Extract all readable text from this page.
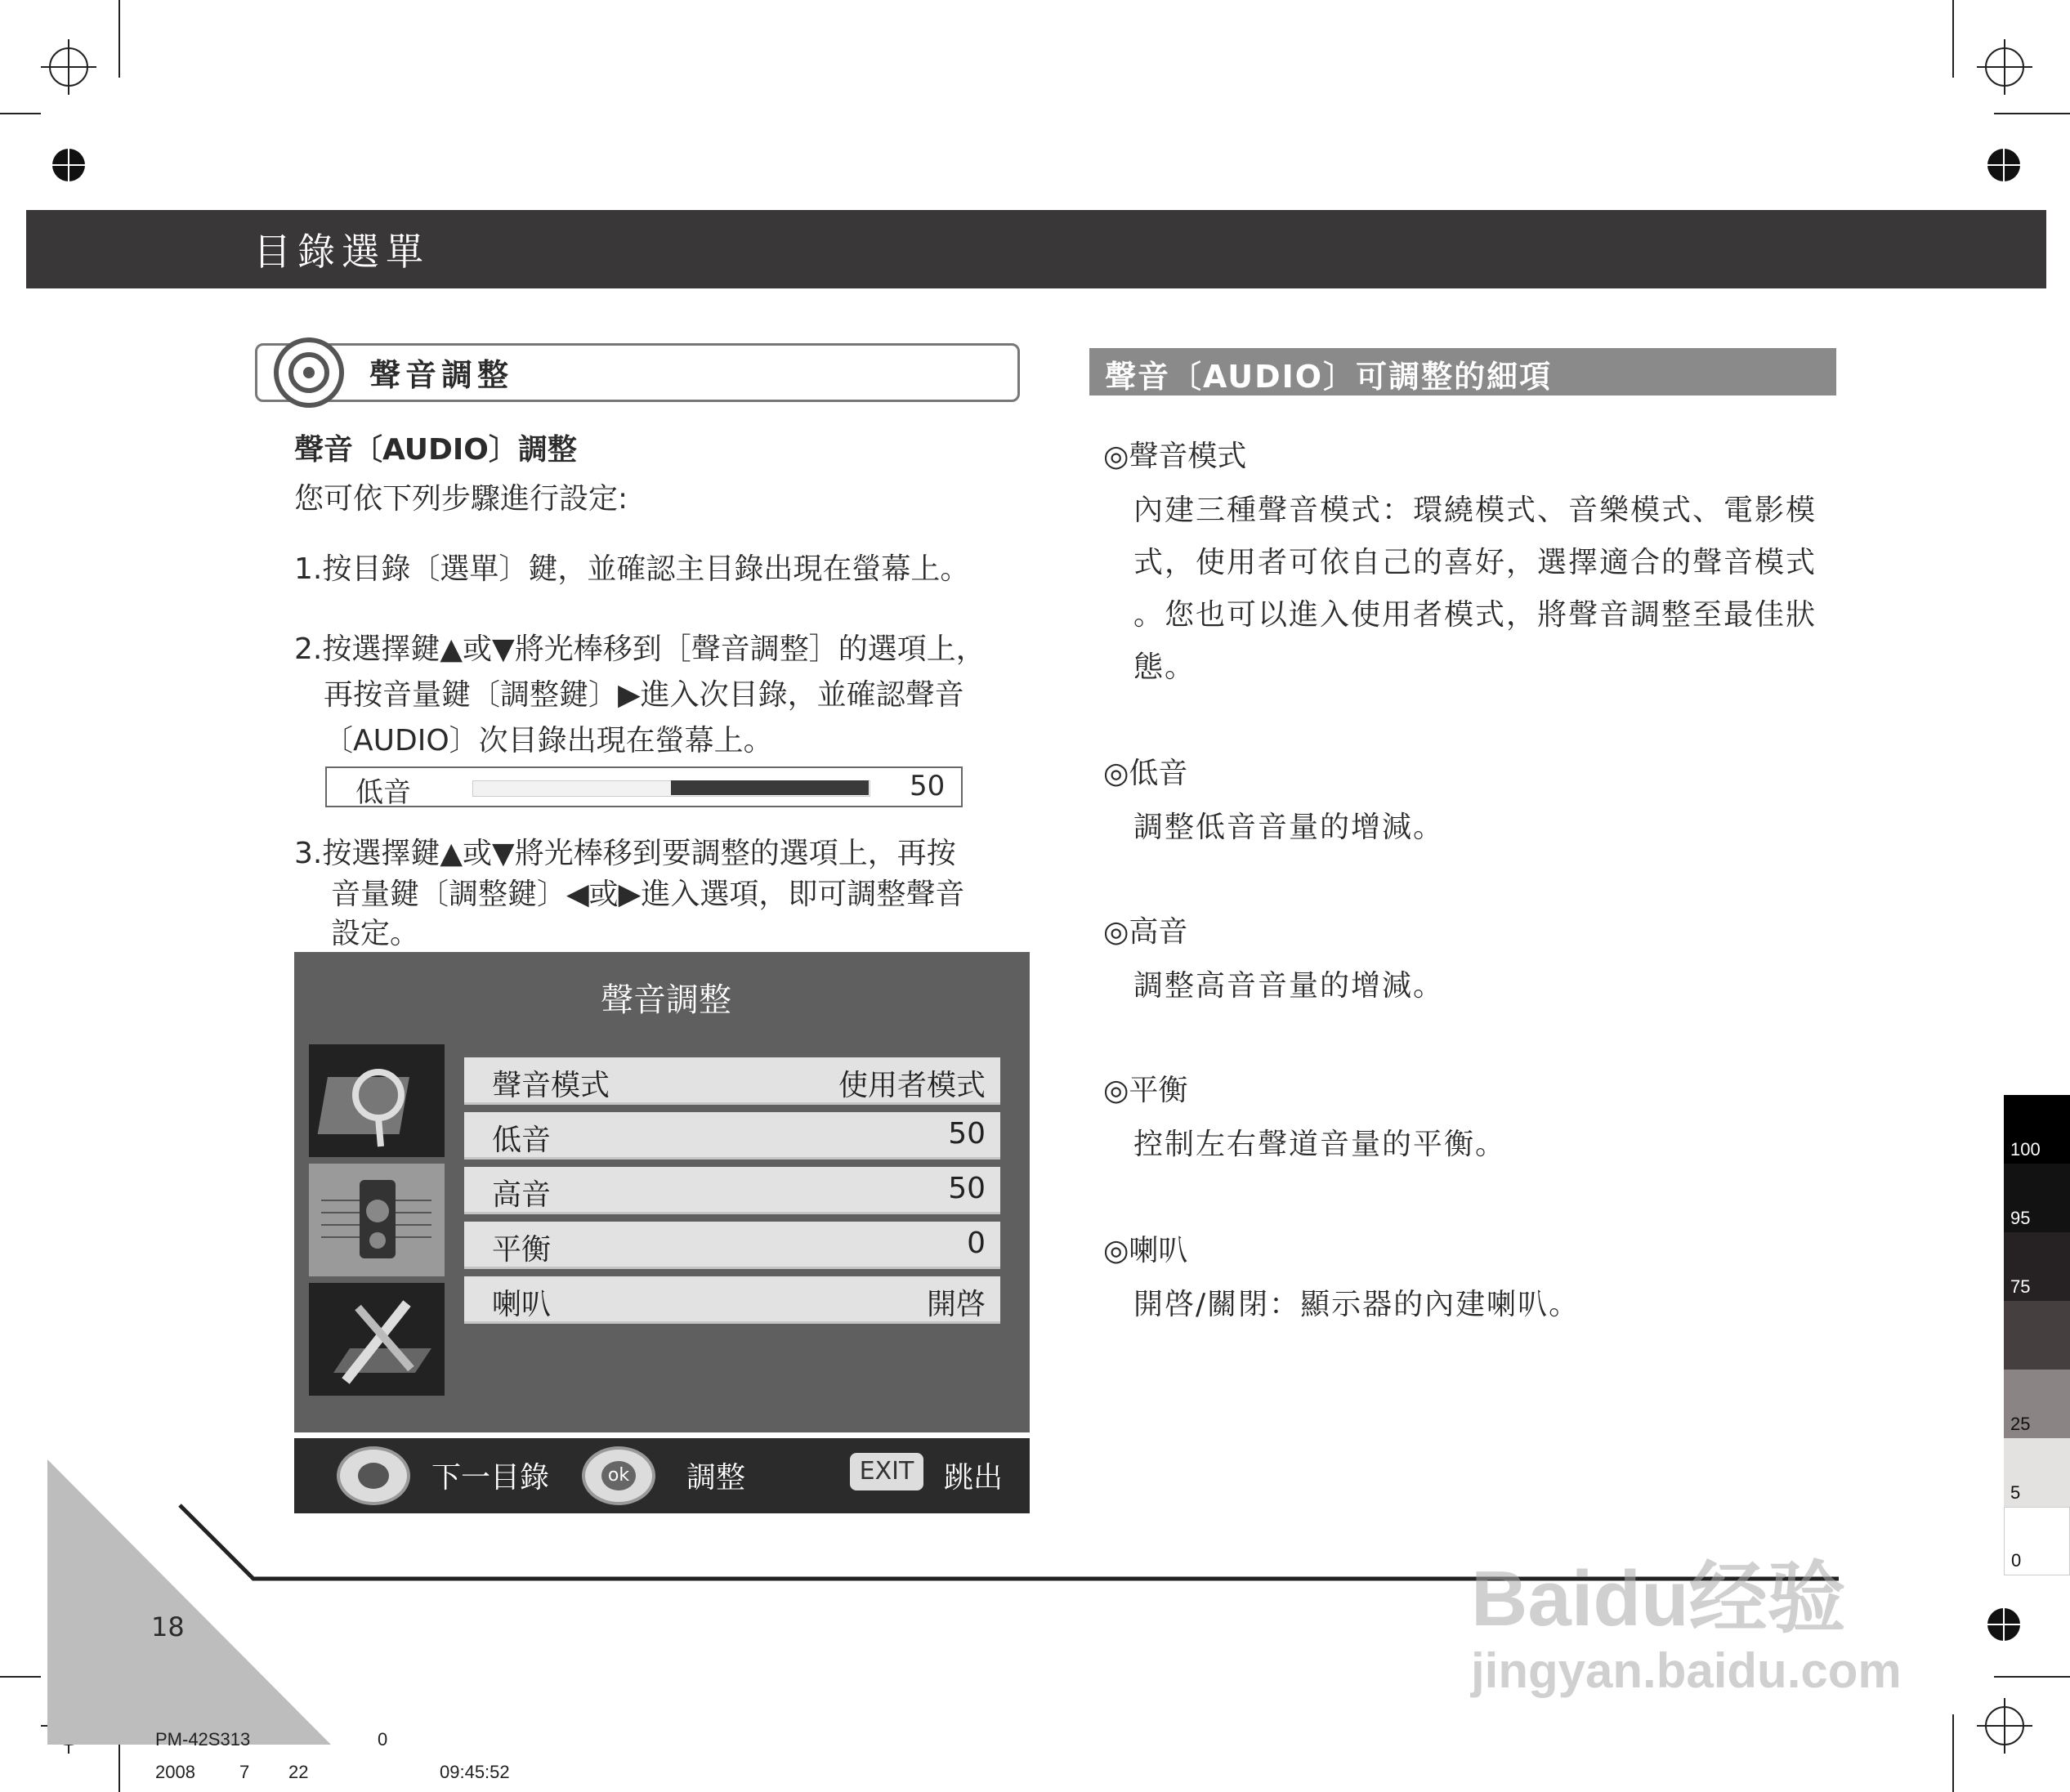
目錄選單
聲音調整
聲音〔AUDIO〕調整
您可依下列步驟進行設定:
1.按目錄〔選單〕鍵，並確認主目錄出現在螢幕上。
2.按選擇鍵▲或▼將光棒移到［聲音調整］的選項上，
再按音量鍵〔調整鍵〕▶進入次目錄，並確認聲音
〔AUDIO〕次目錄出現在螢幕上。
低音	50
3.按選擇鍵▲或▼將光棒移到要調整的選項上，再按
音量鍵〔調整鍵〕◀或▶進入選項，即可調整聲音
設定。
聲音調整
聲音模式	使用者模式
低音	50
高音	50
平衡	0
喇叭	開啓
下一目錄	ok 調整	EXIT	跳出
聲音〔AUDIO〕可調整的細項
◎聲音模式
內建三種聲音模式：環繞模式、音樂模式、電影模
式，使用者可依自己的喜好，選擇適合的聲音模式
。您也可以進入使用者模式，將聲音調整至最佳狀
態。
◎低音
調整低音音量的增減。
◎高音
調整高音音量的增減。
◎平衡
控制左右聲道音量的平衡。
◎喇叭
開啓/關閉：顯示器的內建喇叭。
100
95
75
25
5
0
18
PM-42S313	0
2008 7 22	09:45:52
Baidu经验
jingyan.baidu.com
